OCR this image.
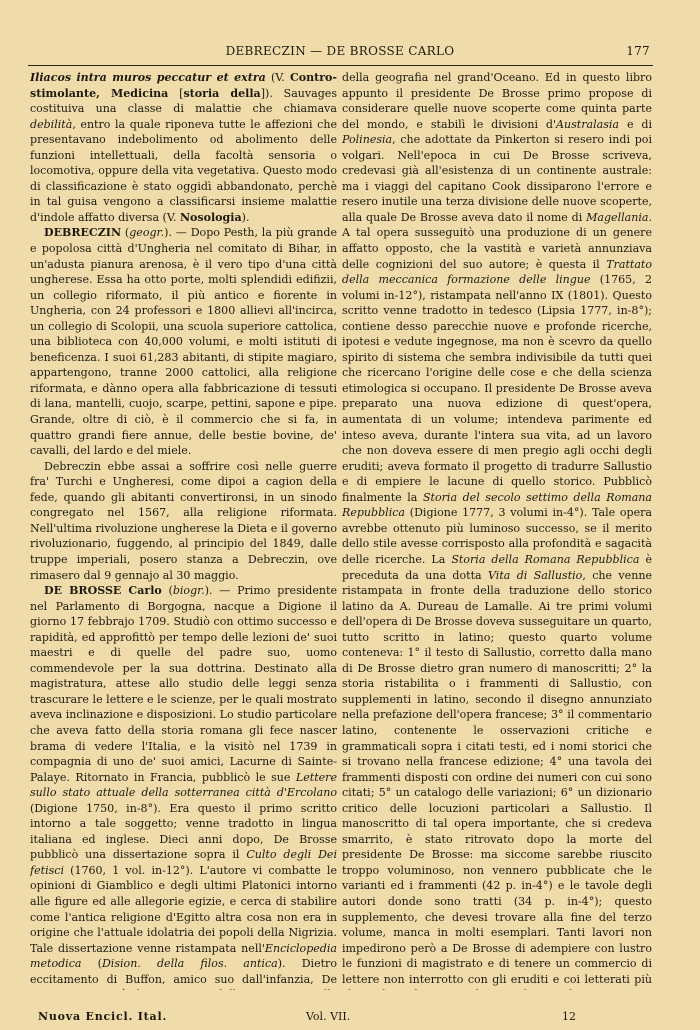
DEBRECZIN — DE BROSSE CARLO	177

Iliacos intra muros peccatur et extra (V. Contro-stimolante, Medicina [storia della]). Sauvages costituiva una classe di malattie che chiamava debilità, entro la quale riponeva tutte le affezioni che presentavano indebolimento od abolimento delle funzioni intellettuali, della facoltà sensoria o locomotiva, oppure della vita vegetativa. Questo modo di classificazione è stato oggidì abbandonato, perchè in tal guisa vengono a classificarsi insieme malattie d'indole affatto diversa (V. Nosologia).

DEBRECZIN (geogr.). — Dopo Pesth, la più grande e popolosa città d'Ungheria nel comitato di Bihar, in un'adusta pianura arenosa, è il vero tipo d'una città ungherese. Essa ha otto porte, molti splendidi edifizii, un collegio riformato, il più antico e fiorente in Ungheria, con 24 professori e 1800 allievi all'incirca, un collegio di Scolopii, una scuola superiore cattolica, una biblioteca con 40,000 volumi, e molti istituti di beneficenza. I suoi 61,283 abitanti, di stipite magiaro, appartengono, tranne 2000 cattolici, alla religione riformata, e dànno opera alla fabbricazione di tessuti di lana, mantelli, cuojo, scarpe, pettini, sapone e pipe. Grande, oltre di ciò, è il commercio che si fa, in quattro grandi fiere annue, delle bestie bovine, de' cavalli, del lardo e del miele.

Debreczin ebbe assai a soffrire così nelle guerre fra' Turchi e Ungheresi, come dipoi a cagion della fede, quando gli abitanti convertironsi, in un sinodo congregato nel 1567, alla religione riformata. Nell'ultima rivoluzione ungherese la Dieta e il governo rivoluzionario, fuggendo, al principio del 1849, dalle truppe imperiali, posero stanza a Debreczin, ove rimasero dal 9 gennajo al 30 maggio.

DE BROSSE Carlo (biogr.). — Primo presidente nel Parlamento di Borgogna, nacque a Digione il giorno 17 febbrajo 1709. Studiò con ottimo successo e rapidità, ed approfittò per tempo delle lezioni de' suoi maestri e di quelle del padre suo, uomo commendevole per la sua dottrina. Destinato alla magistratura, attese allo studio delle leggi senza trascurare le lettere e le scienze, per le quali mostrato aveva inclinazione e disposizioni. Lo studio particolare che aveva fatto della storia romana gli fece nascer brama di vedere l'Italia, e la visitò nel 1739 in compagnia di uno de' suoi amici, Lacurne di Sainte-Palaye. Ritornato in Francia, pubblicò le sue Lettere sullo stato attuale della sotterranea città d'Ercolano (Digione 1750, in-8°). Era questo il primo scritto intorno a tale soggetto; venne tradotto in lingua italiana ed inglese. Dieci anni dopo, De Brosse pubblicò una dissertazione sopra il Culto degli Dei fetisci (1760, 1 vol. in-12°). L'autore vi combatte le opinioni di Giamblico e degli ultimi Platonici intorno alle figure ed alle allegorie egizie, e cerca di stabilire come l'antica religione d'Egitto altra cosa non era in origine che l'attuale idolatria dei popoli della Nigrizia. Tale dissertazione venne ristampata nell'Enciclopedia metodica (Dision. della filos. antica). Dietro eccitamento di Buffon, amico suo dall'infanzia, De

della geografia nel grand'Oceano. Ed in questo libro appunto il presidente De Brosse primo propose di considerare quelle nuove scoperte come quinta parte del mondo, e stabilì le divisioni d'Australasia e di Polinesia, che adottate da Pinkerton si resero indi poi volgari. Nell'epoca in cui De Brosse scriveva, credevasi già all'esistenza di un continente australe: ma i viaggi del capitano Cook dissiparono l'errore e resero inutile una terza divisione delle nuove scoperte, alla quale De Brosse aveva dato il nome di Magellania. A tal opera susseguitò una produzione di un genere affatto opposto, che la vastità e varietà annunziava delle cognizioni del suo autore; è questa il Trattato della meccanica formazione delle lingue (1765, 2 volumi in-12°), ristampata nell'anno IX (1801). Questo scritto venne tradotto in tedesco (Lipsia 1777, in-8°); contiene desso parecchie nuove e profonde ricerche, ipotesi e vedute ingegnose, ma non è scevro da quello spirito di sistema che sembra indivisibile da tutti quei che ricercano l'origine delle cose e che della scienza etimologica si occupano. Il presidente De Brosse aveva preparato una nuova edizione di quest'opera, aumentata di un volume; intendeva parimente ed inteso aveva, durante l'intera sua vita, ad un lavoro che non doveva essere di men pregio agli occhi degli eruditi; aveva formato il progetto di tradurre Sallustio e di empiere le lacune di quello storico. Pubblicò finalmente la Storia del secolo settimo della Romana Repubblica (Digione 1777, 3 volumi in-4°). Tale opera avrebbe ottenuto più luminoso successo, se il merito dello stile avesse corrisposto alla profondità e sagacità delle ricerche. La Storia della Romana Repubblica è preceduta da una dotta Vita di Sallustio, che venne ristampata in fronte della traduzione dello storico latino da A. Dureau de Lamalle. Ai tre primi volumi dell'opera di De Brosse doveva susseguitare un quarto, tutto scritto in latino; questo quarto volume conteneva: 1° il testo di Sallustio, corretto dalla mano di De Brosse dietro gran numero di manoscritti; 2° la storia ristabilita o i frammenti di Sallustio, con supplementi in latino, secondo il disegno annunziato nella prefazione dell'opera francese; 3° il commentario latino, contenente le osservazioni critiche e grammaticali sopra i citati testi, ed i nomi storici che si trovano nella francese edizione; 4° una tavola dei frammenti disposti con ordine dei numeri con cui sono citati; 5° un catalogo delle variazioni; 6° un dizionario critico delle locuzioni particolari a Sallustio. Il manoscritto di tal opera importante, che si credeva smarrito, è stato ritrovato dopo la morte del presidente De Brosse: ma siccome sarebbe riuscito troppo voluminoso, non vennero pubblicate che le varianti ed i frammenti (42 p. in-4°) e le tavole degli autori donde sono tratti (34 p. in-4°); questo supplemento, che devesi trovare alla fine del terzo volume, manca in molti esemplari. Tanti lavori non impedirono però a De Brosse di adempiere con lustro le funzioni di magistrato e di tenere un commercio di lettere non interrotto con gli eruditi e coi letterati più

Nuova Encicl. Ital.	Vol. VII.	12
